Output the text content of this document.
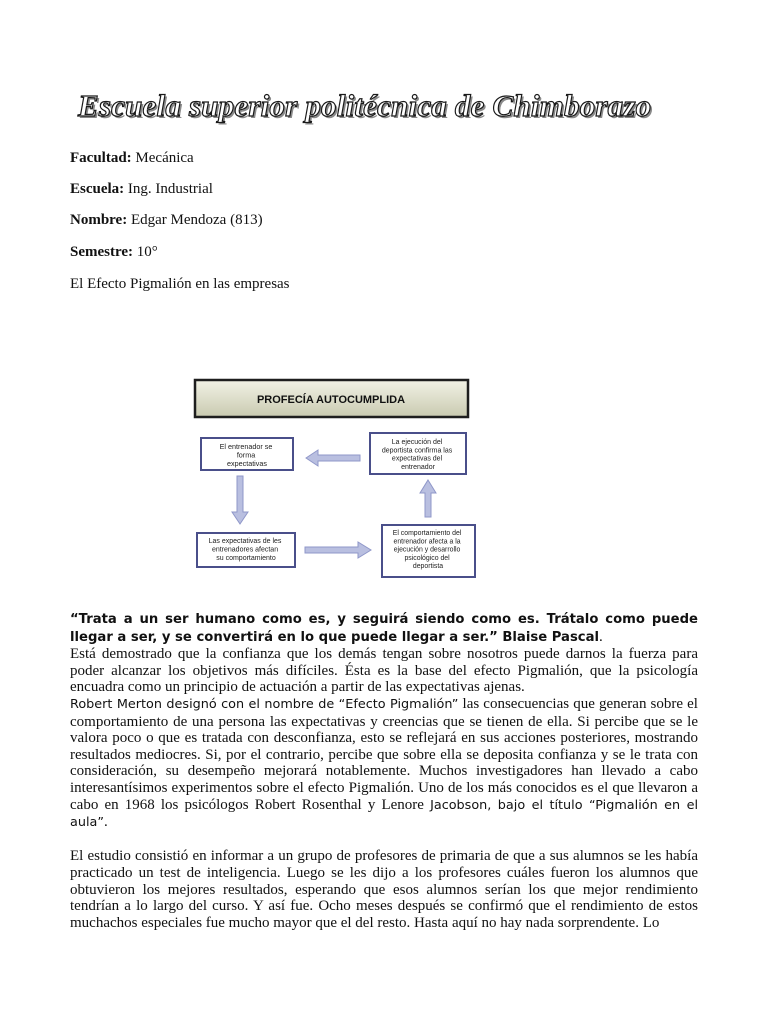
Escuela superior politécnica de Chimborazo
Facultad: Mecánica
Escuela: Ing. Industrial
Nombre: Edgar Mendoza (813)
Semestre: 10°
El Efecto Pigmalión en las empresas
PROFECÍA AUTOCUMPLIDA
El entrenador se forma expectativas
La ejecución del deportista confirma las expectativas del entrenador
Las expectativas de les entrenadores afectan su comportamiento
El comportamiento del entrenador afecta a la ejecución y desarrollo psicológico del deportista

“Trata a un ser humano como es, y seguirá siendo como es. Trátalo como puede llegar a ser, y se convertirá en lo que puede llegar a ser.” Blaise Pascal.

Está demostrado que la confianza que los demás tengan sobre nosotros puede darnos la fuerza para poder alcanzar los objetivos más difíciles. Ésta es la base del efecto Pigmalión, que la psicología encuadra como un principio de actuación a partir de las expectativas ajenas.

Robert Merton designó con el nombre de “Efecto Pigmalión” las consecuencias que generan sobre el comportamiento de una persona las expectativas y creencias que se tienen de ella. Si percibe que se le valora poco o que es tratada con desconfianza, esto se reflejará en sus acciones posteriores, mostrando resultados mediocres. Si, por el contrario, percibe que sobre ella se deposita confianza y se le trata con consideración, su desempeño mejorará notablemente. Muchos investigadores han llevado a cabo interesantísimos experimentos sobre el efecto Pigmalión. Uno de los más conocidos es el que llevaron a cabo en 1968 los psicólogos Robert Rosenthal y Lenore Jacobson, bajo el título “Pigmalión en el aula”.

El estudio consistió en informar a un grupo de profesores de primaria de que a sus alumnos se les había practicado un test de inteligencia. Luego se les dijo a los profesores cuáles fueron los alumnos que obtuvieron los mejores resultados, esperando que esos alumnos serían los que mejor rendimiento tendrían a lo largo del curso. Y así fue. Ocho meses después se confirmó que el rendimiento de estos muchachos especiales fue mucho mayor que el del resto. Hasta aquí no hay nada sorprendente. Lo
